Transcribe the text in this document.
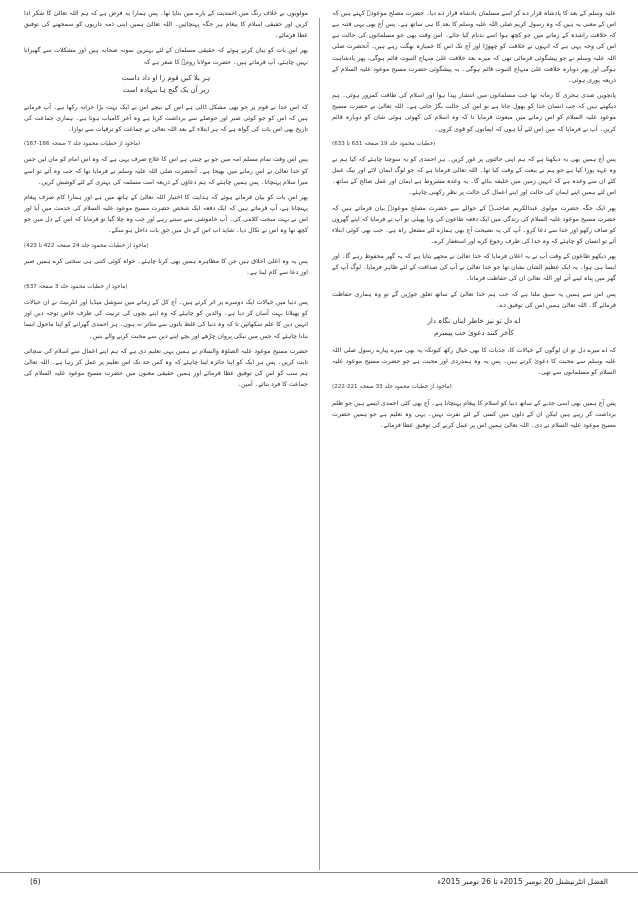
علیہ وسلم کے بعد کا پادشاہ قرار دے کر اسے مسلمان بادشاہ قرار دے دیا۔ حضرت مصلح موعودؓ کہتے ہیں کہ اس کے معنی یہ ہیں کہ وہ رسول کریم صلی اللہ علیہ وسلم کا بعد کا ہی ساتھ ہے۔ پس آج بھی یہی فتنہ ہے کہ خلافت راشدہ کے زمانے میں جو کچھ ہوا اسے بدنام کیا جائے۔ اس وقت بھی جو مسلمانوں کی حالت ہے اس کی وجہ یہی ہے کہ انہوں نے خلافت کو چھوڑا اور آج تک اس کا خمیازہ بھگت رہے ہیں۔ آنحضرت صلی اللہ علیہ وسلم نے جو پیشگوئی فرمائی تھی کہ میرے بعد خلافت علیٰ منہاج النبوت قائم ہوگی، پھر بادشاہت ہوگی اور پھر دوبارہ خلافت علیٰ منہاج النبوت قائم ہوگی۔ یہ پیشگوئی حضرت مسیح موعود علیہ السلام کے ذریعہ پوری ہوئی۔

پانچویں صدی ہجری کا زمانہ تھا جب مسلمانوں میں انتشار پیدا ہوا اور اسلام کی طاقت کمزور ہوئی۔ ہم دیکھتے ہیں کہ جب انسان خدا کو بھول جاتا ہے تو اس کی حالت بگڑ جاتی ہے۔ اللہ تعالیٰ نے حضرت مسیح موعود علیہ السلام کو اس زمانے میں مبعوث فرمایا تا کہ وہ اسلام کی کھوئی ہوئی شان کو دوبارہ قائم کریں۔ آپ نے فرمایا کہ میں اس لئے آیا ہوں کہ ایمانوں کو قوی کروں۔

(خطبات محمود جلد 19 صفحہ 631 تا 633)

پس آج ہمیں بھی یہ دیکھنا ہے کہ ہم اپنی حالتوں پر غور کریں۔ ہر احمدی کو یہ سوچنا چاہئے کہ کیا ہم نے وہ عہد پورا کیا ہے جو ہم نے بیعت کے وقت کیا تھا۔ اللہ تعالیٰ فرماتا ہے کہ جو لوگ ایمان لائے اور نیک عمل کئے ان سے وعدہ ہے کہ انہیں زمین میں خلیفہ بنائے گا۔ یہ وعدہ مشروط ہے ایمان اور عمل صالح کے ساتھ۔ اس لئے ہمیں اپنے ایمان کی حالت اور اپنے اعمال کی حالت پر نظر رکھنی چاہئے۔

پھر ایک جگہ حضرت مولوی عبدالکریم صاحبؓ کے حوالے سے حضرت مصلح موعودؓ بیان فرماتے ہیں کہ حضرت مسیح موعود علیہ السلام کی زندگی میں ایک دفعہ طاعون کی وبا پھیلی تو آپ نے فرمایا کہ اپنے گھروں کو صاف رکھو اور خدا سے دعا کرو۔ آپ کی یہ نصیحت آج بھی ہمارے لئے مشعل راہ ہے۔ جب بھی کوئی ابتلاء آئے تو انسان کو چاہئے کہ وہ خدا کی طرف رجوع کرے اور استغفار کرے۔

پھر دیکھو طاعون کے وقت آپ نے یہ اعلان فرمایا کہ خدا تعالیٰ نے مجھے بتایا ہے کہ یہ گھر محفوظ رہے گا۔ اور ایسا ہی ہوا۔ یہ ایک عظیم الشان نشان تھا جو خدا تعالیٰ نے آپ کی صداقت کے لئے ظاہر فرمایا۔ لوگ آپ کے گھر میں پناہ لینے آتے اور اللہ تعالیٰ ان کی حفاظت فرماتا۔

پس اس سے ہمیں یہ سبق ملتا ہے کہ جب ہم خدا تعالیٰ کے ساتھ تعلق جوڑیں گے تو وہ ہماری حفاظت فرمائے گا۔ اللہ تعالیٰ ہمیں اس کی توفیق دے۔

اے دل تو نیز خاطر ایناں نگاہ دار
کآخر کنند دعویٰ حب پیمبرم

کہ اے میرے دل تو ان لوگوں کے خیالات کا، جذبات کا بھی خیال رکھ کیونکہ یہ بھی میرے پیارے رسول صلی اللہ علیہ وسلم سے محبت کا دعویٰ کرتے ہیں۔ پس یہ وہ ہمدردی اور محبت ہے جو حضرت مسیح موعود علیہ السلام کو مسلمانوں سے تھی۔

(ماخوذ از خطبات محمود جلد 33 صفحہ 221-222)

پس آج ہمیں بھی اسی جذبے کے ساتھ دنیا کو اسلام کا پیغام پہنچانا ہے۔ آج بھی کئی احمدی ایسے ہیں جو ظلم برداشت کر رہے ہیں لیکن ان کے دلوں میں کسی کے لئے نفرت نہیں۔ یہی وہ تعلیم ہے جو ہمیں حضرت مسیح موعود علیہ السلام نے دی۔ اللہ تعالیٰ ہمیں اس پر عمل کرنے کی توفیق عطا فرمائے۔

مولویوں نے خلاف رنگ میں احمدیت کے بارے میں بتایا تھا۔ پس ہمارا یہ فرض ہے کہ ہم اللہ تعالیٰ کا شکر ادا کریں اور حقیقی اسلام کا پیغام ہر جگہ پہنچائیں۔ اللہ تعالیٰ ہمیں اپنی ذمہ داریوں کو سمجھنے کی توفیق عطا فرمائے۔

پھر اس بات کو بیان کرتے ہوئے کہ حقیقی مسلمان کے لئے بہترین نمونہ صحابہ ہیں اور مشکلات سے گھبرانا نہیں چاہئے، آپ فرماتے ہیں۔ حضرت مولانا رومؒ کا شعر ہے کہ

ہر بلا کیں قوم را او داد داست
زیر آں یک گنج ہا بنہادہ است

کہ اس خدا نے قوم پر جو بھی مشکل ڈالی ہے اس کے نیچے اس نے ایک بہت بڑا خزانہ رکھا ہے۔ آپ فرماتے ہیں کہ اس کو جو کوئی صبر اور حوصلے سے برداشت کرتا ہے وہ آخر کامیاب ہوتا ہے۔ ہماری جماعت کی تاریخ بھی اس بات کی گواہ ہے کہ ہر ابتلاء کے بعد اللہ تعالیٰ نے جماعت کو ترقیات سے نوازا۔

(ماخوذ از خطبات محمود جلد 7 صفحہ 166-167)

پس اس وقت تمام مسلم امہ میں جو بے چینی ہے اس کا علاج صرف یہی ہے کہ وہ اس امام کو مان لیں جس کو خدا تعالیٰ نے اس زمانے میں بھیجا ہے۔ آنحضرت صلی اللہ علیہ وسلم نے فرمایا تھا کہ جب وہ آئے تو اسے میرا سلام پہنچانا۔ پس ہمیں چاہئے کہ ہم دعاؤں کے ذریعہ امت مسلمہ کی بہتری کے لئے کوشش کریں۔

پھر اس بات کو بیان فرماتے ہوئے کہ ہدایت کا اختیار اللہ تعالیٰ کے ہاتھ میں ہے اور ہمارا کام صرف پیغام پہنچانا ہے، آپ فرماتے ہیں کہ ایک دفعہ ایک شخص حضرت مسیح موعود علیہ السلام کی خدمت میں آیا اور اس نے بہت سخت کلامی کی۔ آپ خاموشی سے سنتے رہے اور جب وہ چلا گیا تو فرمایا کہ اس کے دل میں جو کچھ تھا وہ اس نے نکال دیا۔ شاید اب اس کے دل میں حق بات داخل ہو سکے۔

(ماخوذ از خطبات محمود جلد 24 صفحہ 422 تا 423)

پس یہ وہ اعلیٰ اخلاق ہیں جن کا مظاہرہ ہمیں بھی کرنا چاہئے۔ خواہ کوئی کتنی ہی سختی کرے ہمیں صبر اور دعا سے کام لینا ہے۔

(ماخوذ از خطبات محمود جلد 3 صفحہ 537)

پس دنیا میں خیالات ایک دوسرے پر اثر کرتے ہیں۔ آج کل کے زمانے میں سوشل میڈیا اور انٹرنیٹ نے ان خیالات کو پھیلانا بہت آسان کر دیا ہے۔ والدین کو چاہئے کہ وہ اپنے بچوں کی تربیت کی طرف خاص توجہ دیں اور انہیں دین کا علم سکھائیں تا کہ وہ دنیا کی غلط باتوں سے متاثر نہ ہوں۔ ہر احمدی گھرانے کو اپنا ماحول ایسا بنانا چاہئے کہ جس میں نیکی پروان چڑھے اور بچے اپنے دین سے محبت کرنے والے بنیں۔

حضرت مسیح موعود علیہ الصلوٰۃ والسلام نے ہمیں یہی تعلیم دی ہے کہ ہم اپنے اعمال سے اسلام کی سچائی ثابت کریں۔ پس ہر ایک کو اپنا جائزہ لینا چاہئے کہ وہ کس حد تک اس تعلیم پر عمل کر رہا ہے۔ اللہ تعالیٰ ہم سب کو اس کی توفیق عطا فرمائے اور ہمیں حقیقی معنوں میں حضرت مسیح موعود علیہ السلام کی جماعت کا فرد بنائے۔ آمین۔

(6)	الفضل انٹرنیشنل 20 نومبر 2015ء تا 26 نومبر 2015ء
